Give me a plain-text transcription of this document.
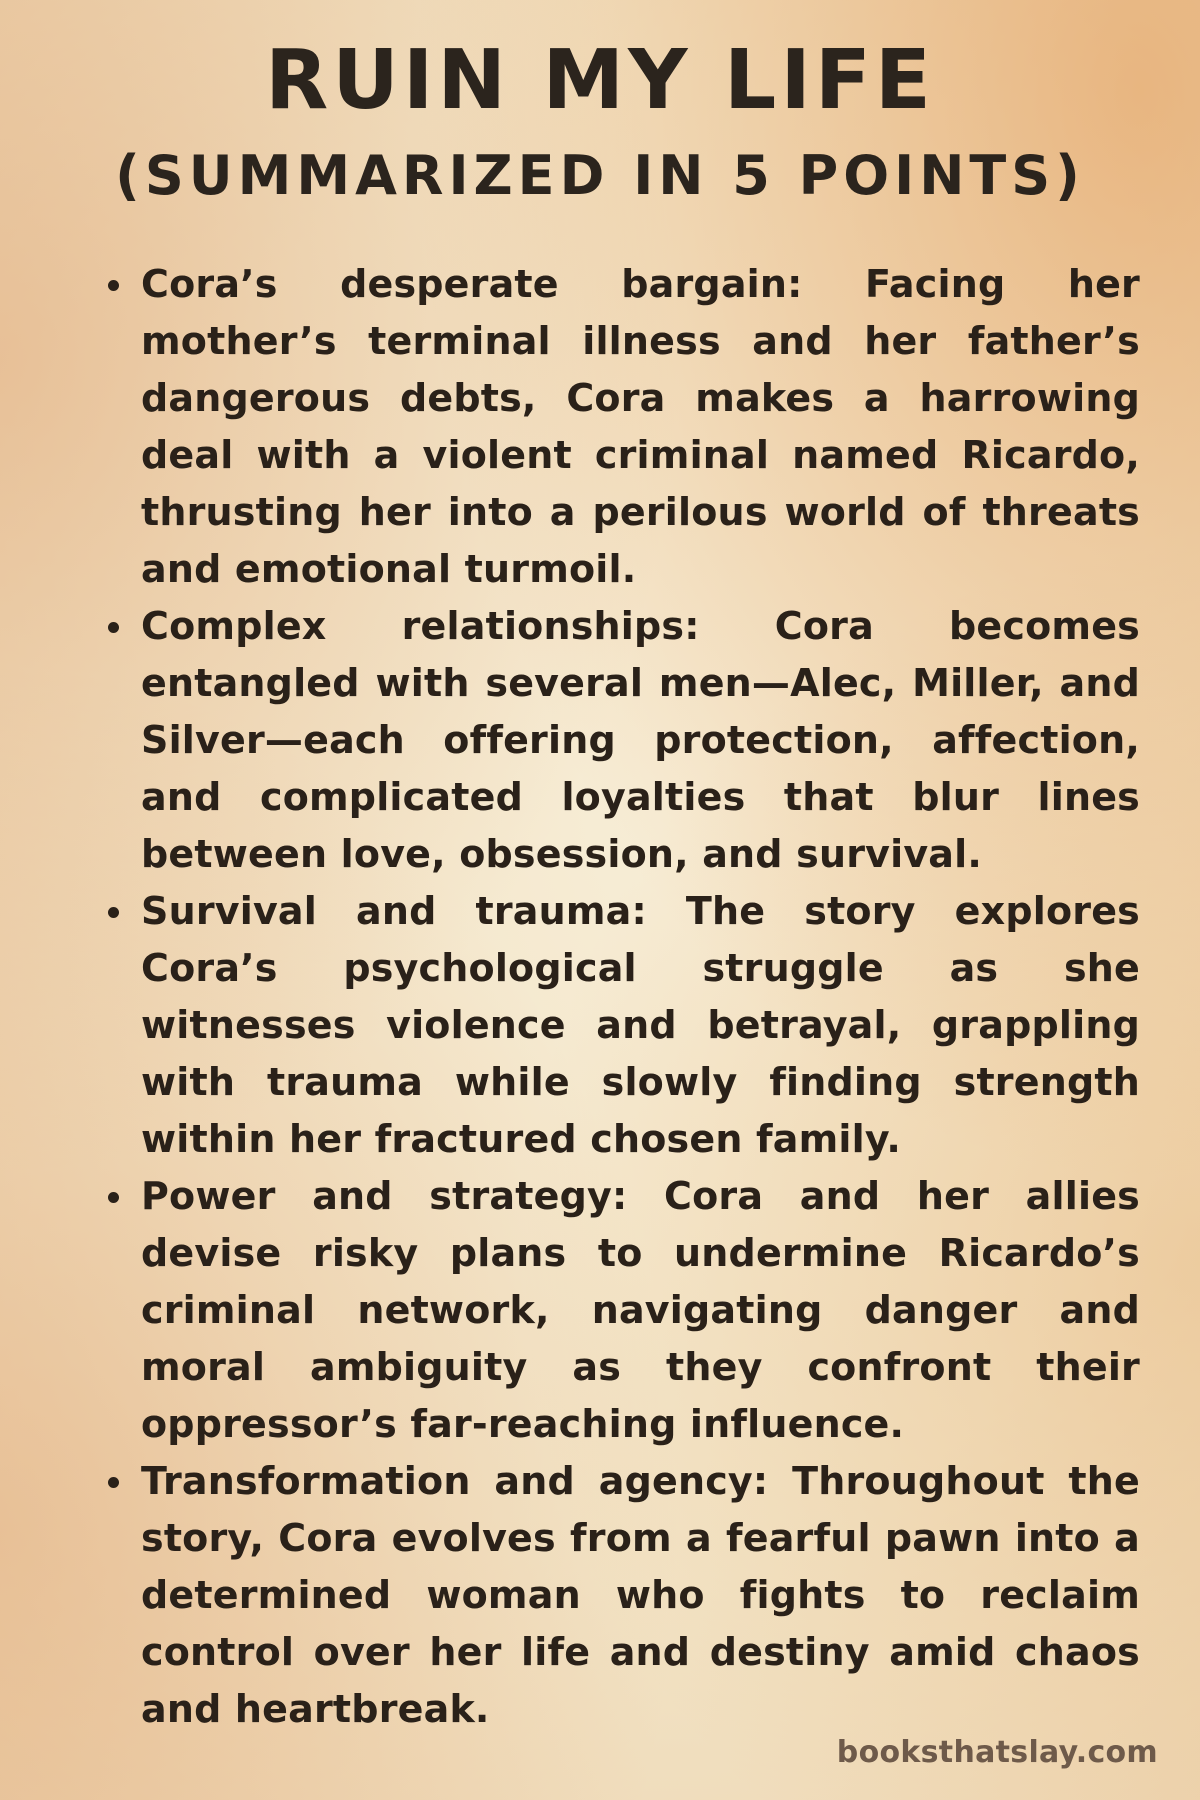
RUIN MY LIFE
(SUMMARIZED IN 5 POINTS)
Cora’s desperate bargain: Facing her mother’s terminal illness and her father’s dangerous debts, Cora makes a harrowing deal with a violent criminal named Ricardo, thrusting her into a perilous world of threats and emotional turmoil.
Complex relationships: Cora becomes entangled with several men—Alec, Miller, and Silver—each offering protection, affection, and complicated loyalties that blur lines between love, obsession, and survival.
Survival and trauma: The story explores Cora’s psychological struggle as she witnesses violence and betrayal, grappling with trauma while slowly finding strength within her fractured chosen family.
Power and strategy: Cora and her allies devise risky plans to undermine Ricardo’s criminal network, navigating danger and moral ambiguity as they confront their oppressor’s far-reaching influence.
Transformation and agency: Throughout the story, Cora evolves from a fearful pawn into a determined woman who fights to reclaim control over her life and destiny amid chaos and heartbreak.
booksthatslay.com
